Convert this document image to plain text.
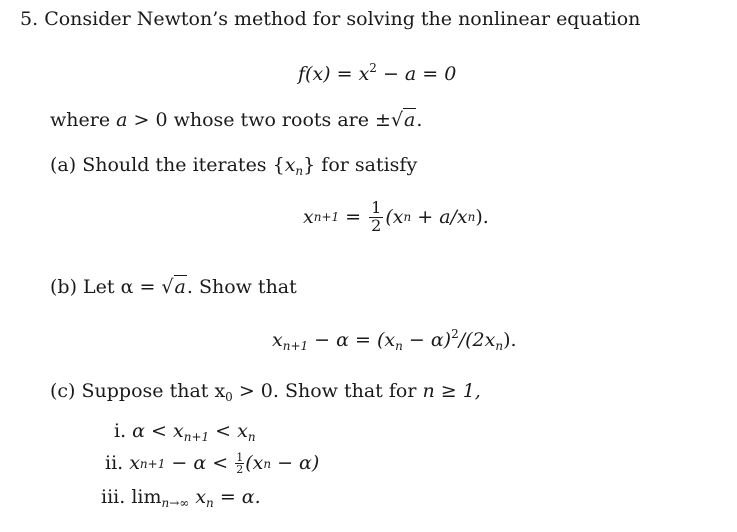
5. Consider Newton’s method for solving the nonlinear equation
$f(x) = x^2 - a = 0$
where a > 0 whose two roots are ±√a.
(a) Should the iterates $\{x_n\}$ for satisfy
x $n+1 = \frac{1}{2} (x$ n + a/x n ).
(b) Let α = √a. Show that
$x_{n+1} - \alpha = (x_n - \alpha)^2/(2x_n)$.
(c) Suppose that $x_0 > 0$. Show that for n ≥ 1,
i. $\alpha < x_{n+1} < x_n$
ii. x $n+1 - \alpha < \frac{1}{2} (x$ n − α)
iii. $\lim_{n\to\infty} x_n = \alpha$.
